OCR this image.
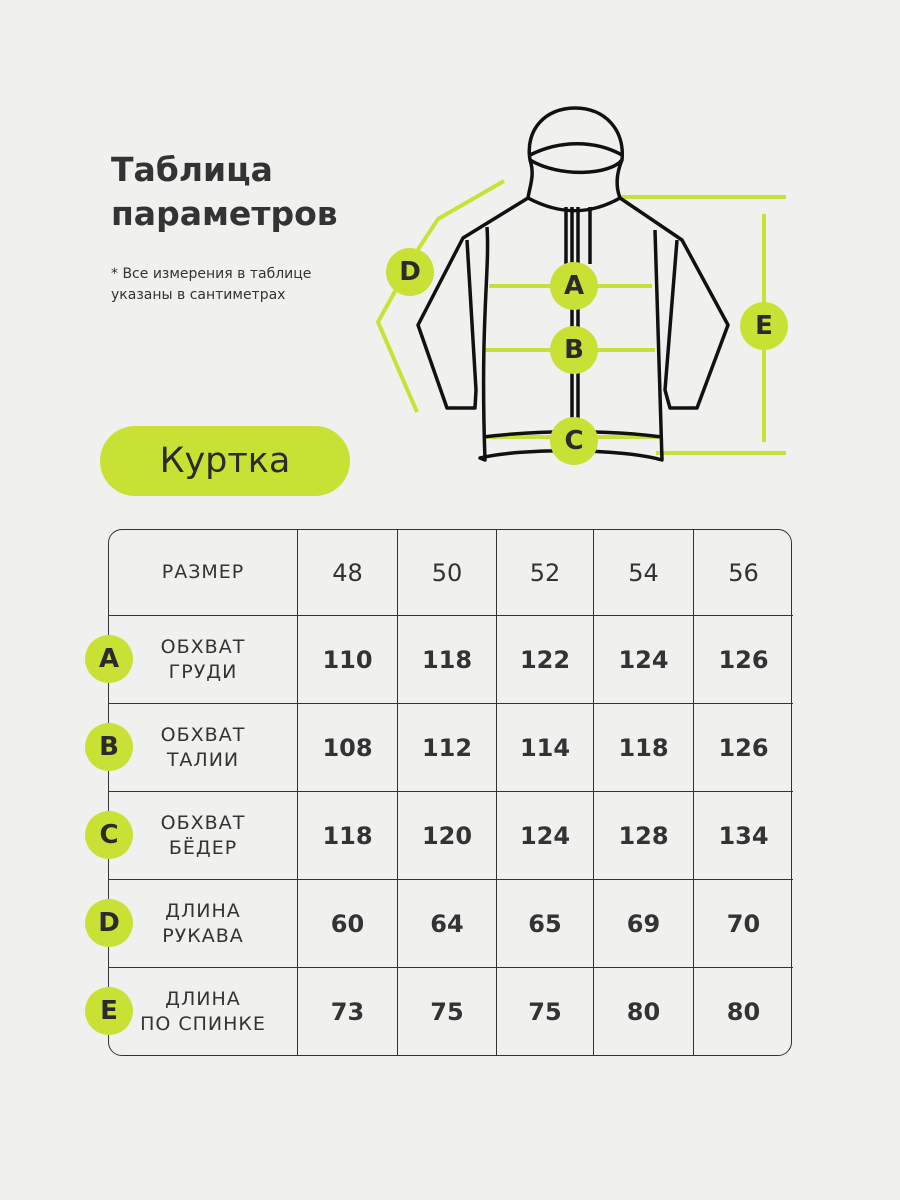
Таблица
параметров
* Все измерения в таблице
указаны в сантиметрах	A
B
C
D
E
Куртка
РАЗМЕР	48	50	52	54	56
ОБХВАТ
ГРУДИ	110 118 122 124 126
ОБХВАТ
ТАЛИИ	108 112 114 118 126
ОБХВАТ
БЁДЕР	118 120 124 128 134
ДЛИНА
РУКАВА	60	64	65	69	70
ДЛИНА
ПО СПИНКЕ	73	75	75	80	80
A
B
C
D
E
